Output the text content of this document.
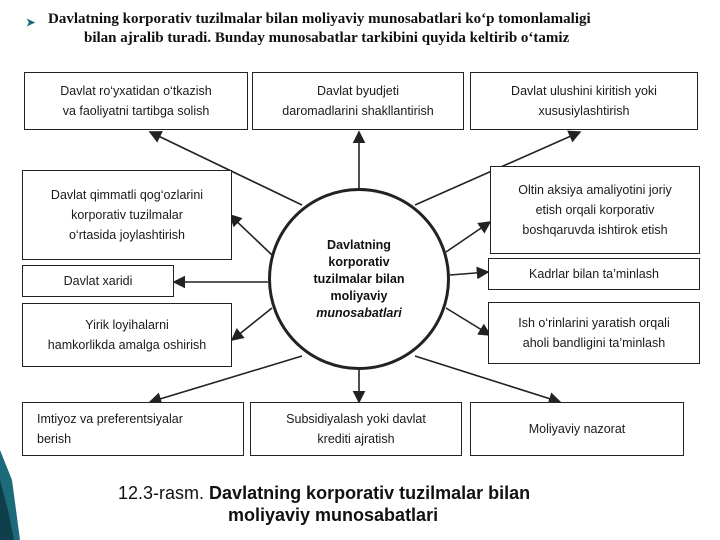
➤ Davlatning korporativ tuzilmalar bilan moliyaviy munosabatlari ko‘p tomonlamaligi
bilan ajralib turadi. Bunday munosabatlar tarkibini quyida keltirib o‘tamiz
Davlat ro‘yxatidan o‘tkazish
va faoliyatni tartibga solish
Davlat byudjeti
daromadlarini shakllantirish
Davlat ulushini kiritish yoki
xususiylashtirish
Davlat qimmatli qog‘ozlarini
korporativ tuzilmalar
o‘rtasida joylashtirish
Davlat xaridi
Yirik loyihalarni
hamkorlikda amalga oshirish
Oltin aksiya amaliyotini joriy
etish orqali korporativ
boshqaruvda ishtirok etish
Kadrlar bilan ta’minlash
Ish o‘rinlarini yaratish orqali
aholi bandligini ta’minlash
Imtiyoz va preferentsiyalar
berish
Subsidiyalash yoki davlat
krediti ajratish
Moliyaviy nazorat
Davlatning
korporativ
tuzilmalar bilan
moliyaviy
munosabatlari
12.3-rasm. Davlatning korporativ tuzilmalar bilan
moliyaviy munosabatlari
